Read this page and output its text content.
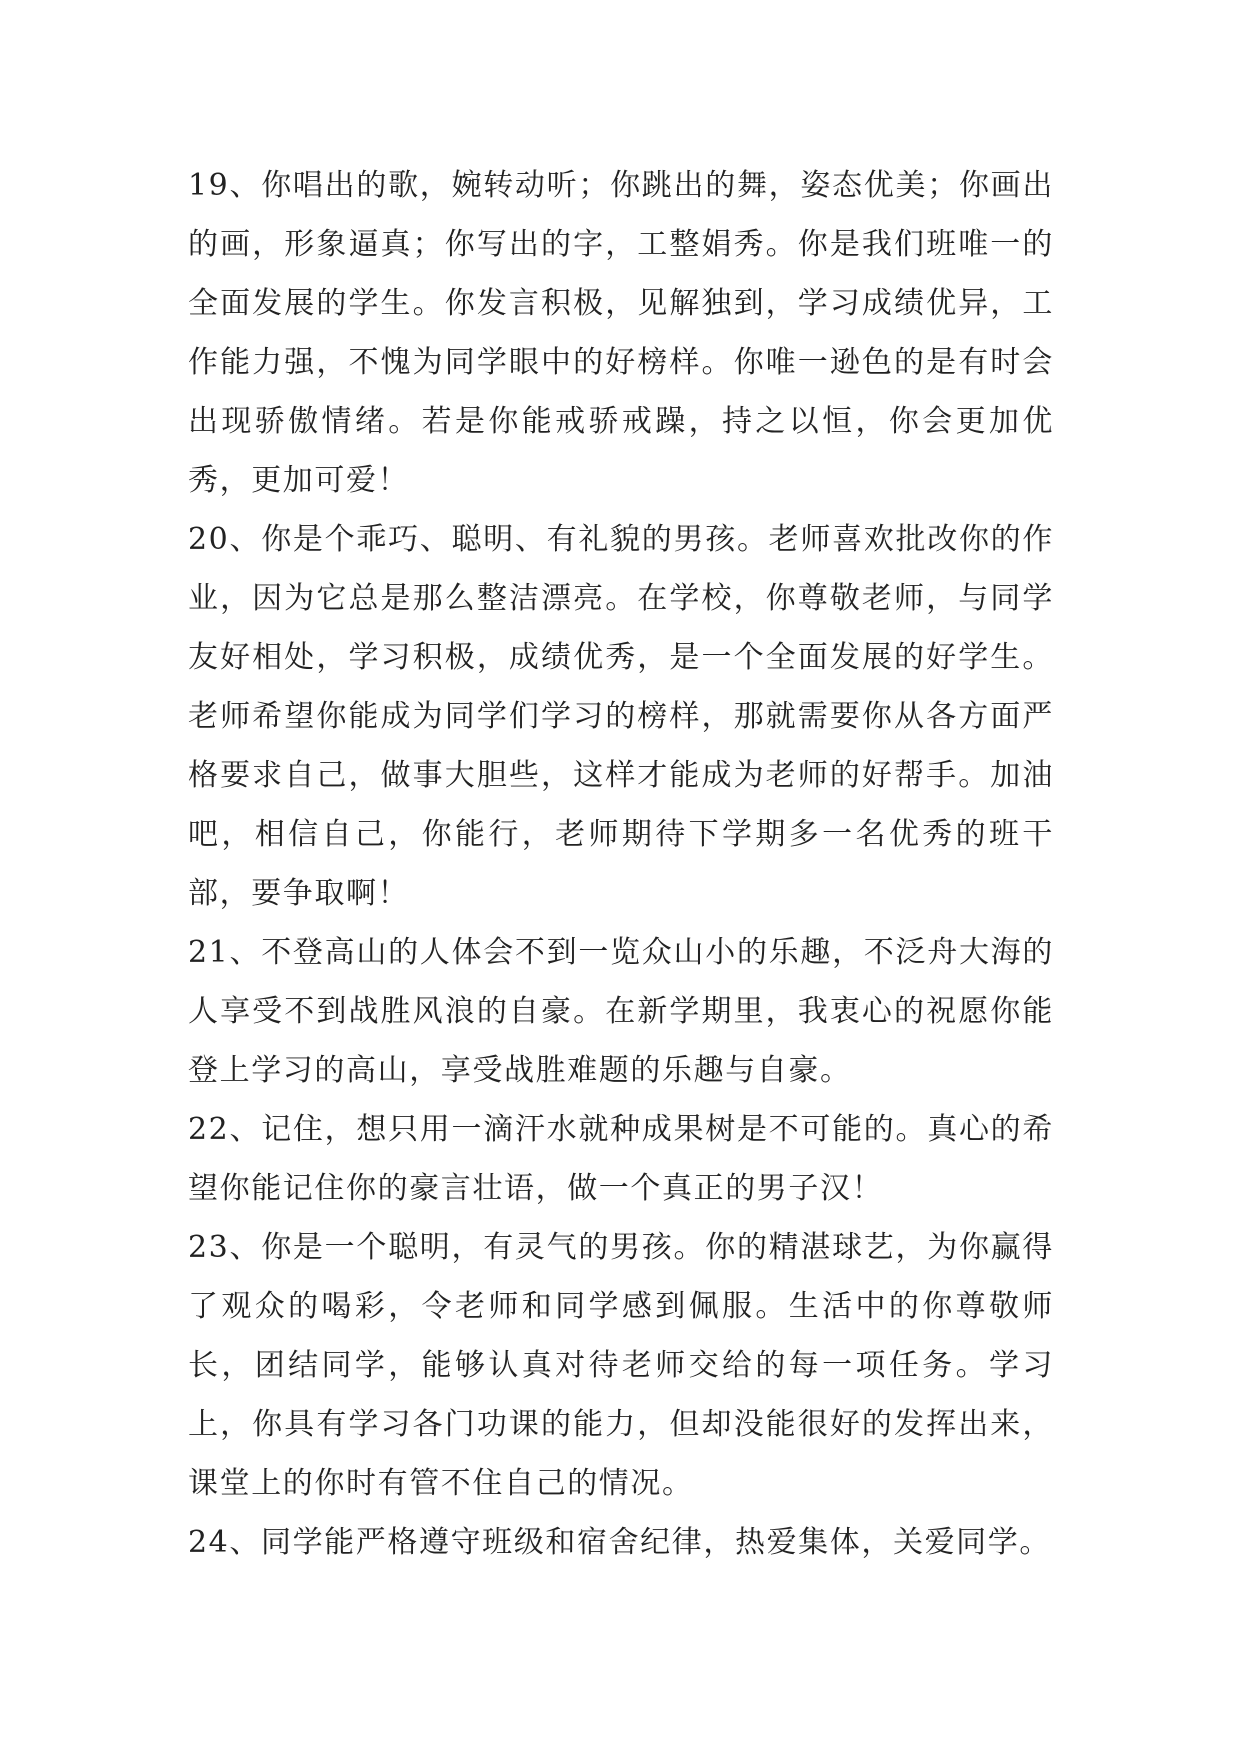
19、你唱出的歌，婉转动听；你跳出的舞，姿态优美；你画出的画，形象逼真；你写出的字，工整娟秀。你是我们班唯一的全面发展的学生。你发言积极，见解独到，学习成绩优异，工作能力强，不愧为同学眼中的好榜样。你唯一逊色的是有时会出现骄傲情绪。若是你能戒骄戒躁，持之以恒，你会更加优秀，更加可爱！

20、你是个乖巧、聪明、有礼貌的男孩。老师喜欢批改你的作业，因为它总是那么整洁漂亮。在学校，你尊敬老师，与同学友好相处，学习积极，成绩优秀，是一个全面发展的好学生。老师希望你能成为同学们学习的榜样，那就需要你从各方面严格要求自己，做事大胆些，这样才能成为老师的好帮手。加油吧，相信自己，你能行，老师期待下学期多一名优秀的班干部，要争取啊！

21、不登高山的人体会不到一览众山小的乐趣，不泛舟大海的人享受不到战胜风浪的自豪。在新学期里，我衷心的祝愿你能登上学习的高山，享受战胜难题的乐趣与自豪。

22、记住，想只用一滴汗水就种成果树是不可能的。真心的希望你能记住你的豪言壮语，做一个真正的男子汉！

23、你是一个聪明，有灵气的男孩。你的精湛球艺，为你赢得了观众的喝彩，令老师和同学感到佩服。生活中的你尊敬师长，团结同学，能够认真对待老师交给的每一项任务。学习上，你具有学习各门功课的能力，但却没能很好的发挥出来，课堂上的你时有管不住自己的情况。

24、同学能严格遵守班级和宿舍纪律，热爱集体，关爱同学。
